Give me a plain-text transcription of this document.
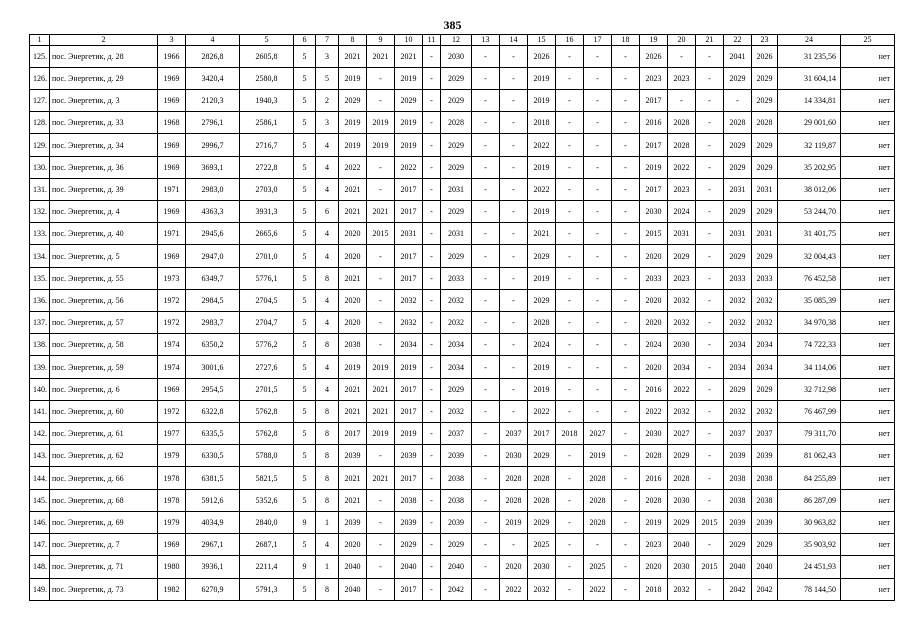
385
1	2	3	4	5	6	7	8	9	10	11	12	13	14	15	16	17	18	19	20	21	22	23	24	25
125.	пос. Энергетик, д. 28	1966	2826,8	2605,8	5	3	2021	2021	2021	-	2030	-	-	2026	-	-	-	2026	-	-	2041	2026	31 235,56	нет
126.	пос. Энергетик, д. 29	1969	3420,4	2580,8	5	5	2019	-	2019	-	2029	-	-	2019	-	-	-	2023	2023	-	2029	2029	31 604,14	нет
127.	пос. Энергетик, д. 3	1969	2120,3	1940,3	5	2	2029	-	2029	-	2029	-	-	2019	-	-	-	2017	-	-	-	2029	14 334,81	нет
128.	пос. Энергетик, д. 33	1968	2796,1	2586,1	5	3	2019	2019	2019	-	2028	-	-	2018	-	-	-	2016	2028	-	2028	2028	29 001,60	нет
129.	пос. Энергетик, д. 34	1969	2996,7	2716,7	5	4	2019	2019	2019	-	2029	-	-	2022	-	-	-	2017	2028	-	2029	2029	32 119,87	нет
130.	пос. Энергетик, д. 36	1969	3693,1	2722,8	5	4	2022	-	2022	-	2029	-	-	2019	-	-	-	2019	2022	-	2029	2029	35 202,95	нет
131.	пос. Энергетик, д. 39	1971	2983,0	2703,0	5	4	2021	-	2017	-	2031	-	-	2022	-	-	-	2017	2023	-	2031	2031	38 012,06	нет
132.	пос. Энергетик, д. 4	1969	4363,3	3931,3	5	6	2021	2021	2017	-	2029	-	-	2019	-	-	-	2030	2024	-	2029	2029	53 244,70	нет
133.	пос. Энергетик, д. 40	1971	2945,6	2665,6	5	4	2020	2015	2031	-	2031	-	-	2021	-	-	-	2015	2031	-	2031	2031	31 401,75	нет
134.	пос. Энергетик, д. 5	1969	2947,0	2701,0	5	4	2020	-	2017	-	2029	-	-	2029	-	-	-	2020	2029	-	2029	2029	32 004,43	нет
135.	пос. Энергетик, д. 55	1973	6349,7	5776,1	5	8	2021	-	2017	-	2033	-	-	2019	-	-	-	2033	2023	-	2033	2033	76 452,58	нет
136.	пос. Энергетик, д. 56	1972	2984,5	2704,5	5	4	2020	-	2032	-	2032	-	-	2029	-	-	-	2020	2032	-	2032	2032	35 085,39	нет
137.	пос. Энергетик, д. 57	1972	2983,7	2704,7	5	4	2020	-	2032	-	2032	-	-	2028	-	-	-	2020	2032	-	2032	2032	34 970,38	нет
138.	пос. Энергетик, д. 58	1974	6350,2	5776,2	5	8	2038	-	2034	-	2034	-	-	2024	-	-	-	2024	2030	-	2034	2034	74 722,33	нет
139.	пос. Энергетик, д. 59	1974	3001,6	2727,6	5	4	2019	2019	2019	-	2034	-	-	2019	-	-	-	2020	2034	-	2034	2034	34 114,06	нет
140.	пос. Энергетик, д. 6	1969	2954,5	2701,5	5	4	2021	2021	2017	-	2029	-	-	2019	-	-	-	2016	2022	-	2029	2029	32 712,98	нет
141.	пос. Энергетик, д. 60	1972	6322,8	5762,8	5	8	2021	2021	2017	-	2032	-	-	2022	-	-	-	2022	2032	-	2032	2032	76 467,99	нет
142.	пос. Энергетик, д. 61	1977	6335,5	5762,8	5	8	2017	2019	2019	-	2037	-	2037	2017	2018	2027	-	2030	2027	-	2037	2037	79 311,70	нет
143.	пос. Энергетик, д. 62	1979	6330,5	5788,0	5	8	2039	-	2039	-	2039	-	2030	2029	-	2019	-	2028	2029	-	2039	2039	81 062,43	нет
144.	пос. Энергетик, д. 66	1978	6381,5	5821,5	5	8	2021	2021	2017	-	2038	-	2028	2028	-	2028	-	2016	2028	-	2038	2038	84 255,89	нет
145.	пос. Энергетик, д. 68	1978	5912,6	5352,6	5	8	2021	-	2038	-	2038	-	2028	2028	-	2028	-	2028	2030	-	2038	2038	86 287,09	нет
146.	пос. Энергетик, д. 69	1979	4034,9	2840,0	9	1	2039	-	2039	-	2039	-	2019	2029	-	2028	-	2019	2029	2015	2039	2039	30 963,82	нет
147.	пос. Энергетик, д. 7	1969	2967,1	2687,1	5	4	2020	-	2029	-	2029	-	-	2025	-	-	-	2023	2040	-	2029	2029	35 903,92	нет
148.	пос. Энергетик, д. 71	1980	3936,1	2211,4	9	1	2040	-	2040	-	2040	-	2020	2030	-	2025	-	2020	2030	2015	2040	2040	24 451,93	нет
149.	пос. Энергетик, д. 73	1982	6270,9	5791,3	5	8	2040	-	2017	-	2042	-	2022	2032	-	2022	-	2018	2032	-	2042	2042	78 144,50	нет
